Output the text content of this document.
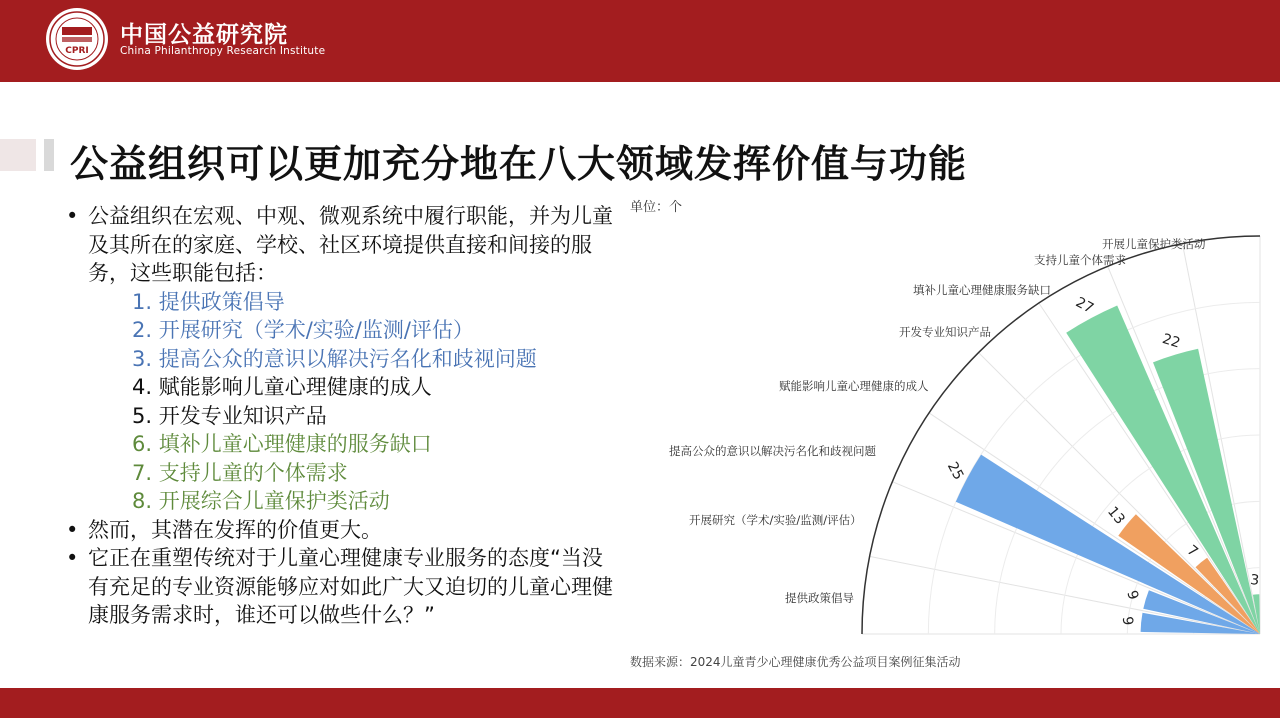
CPRI
中国公益研究院
China Philanthropy Research Institute
公益组织可以更加充分地在八大领域发挥价值与功能
• 公益组织在宏观、中观、微观系统中履行职能，并为儿童及其所在的家庭、学校、社区环境提供直接和间接的服务，这些职能包括：
1. 提供政策倡导
2. 开展研究（学术/实验/监测/评估）
3. 提高公众的意识以解决污名化和歧视问题
4. 赋能影响儿童心理健康的成人
5. 开发专业知识产品
6. 填补儿童心理健康的服务缺口
7. 支持儿童的个体需求
8. 开展综合儿童保护类活动
• 然而，其潜在发挥的价值更大。
• 它正在重塑传统对于儿童心理健康专业服务的态度“当没有充足的专业资源能够应对如此广大又迫切的儿童心理健康服务需求时，谁还可以做些什么？”	9
9
25
13
7
27
22
3
提供政策倡导
开展研究（学术/实验/监测/评估）
提高公众的意识以解决污名化和歧视问题
赋能影响儿童心理健康的成人
开发专业知识产品
填补儿童心理健康服务缺口
支持儿童个体需求
开展儿童保护类活动
单位：个
数据来源：2024儿童青少心理健康优秀公益项目案例征集活动
